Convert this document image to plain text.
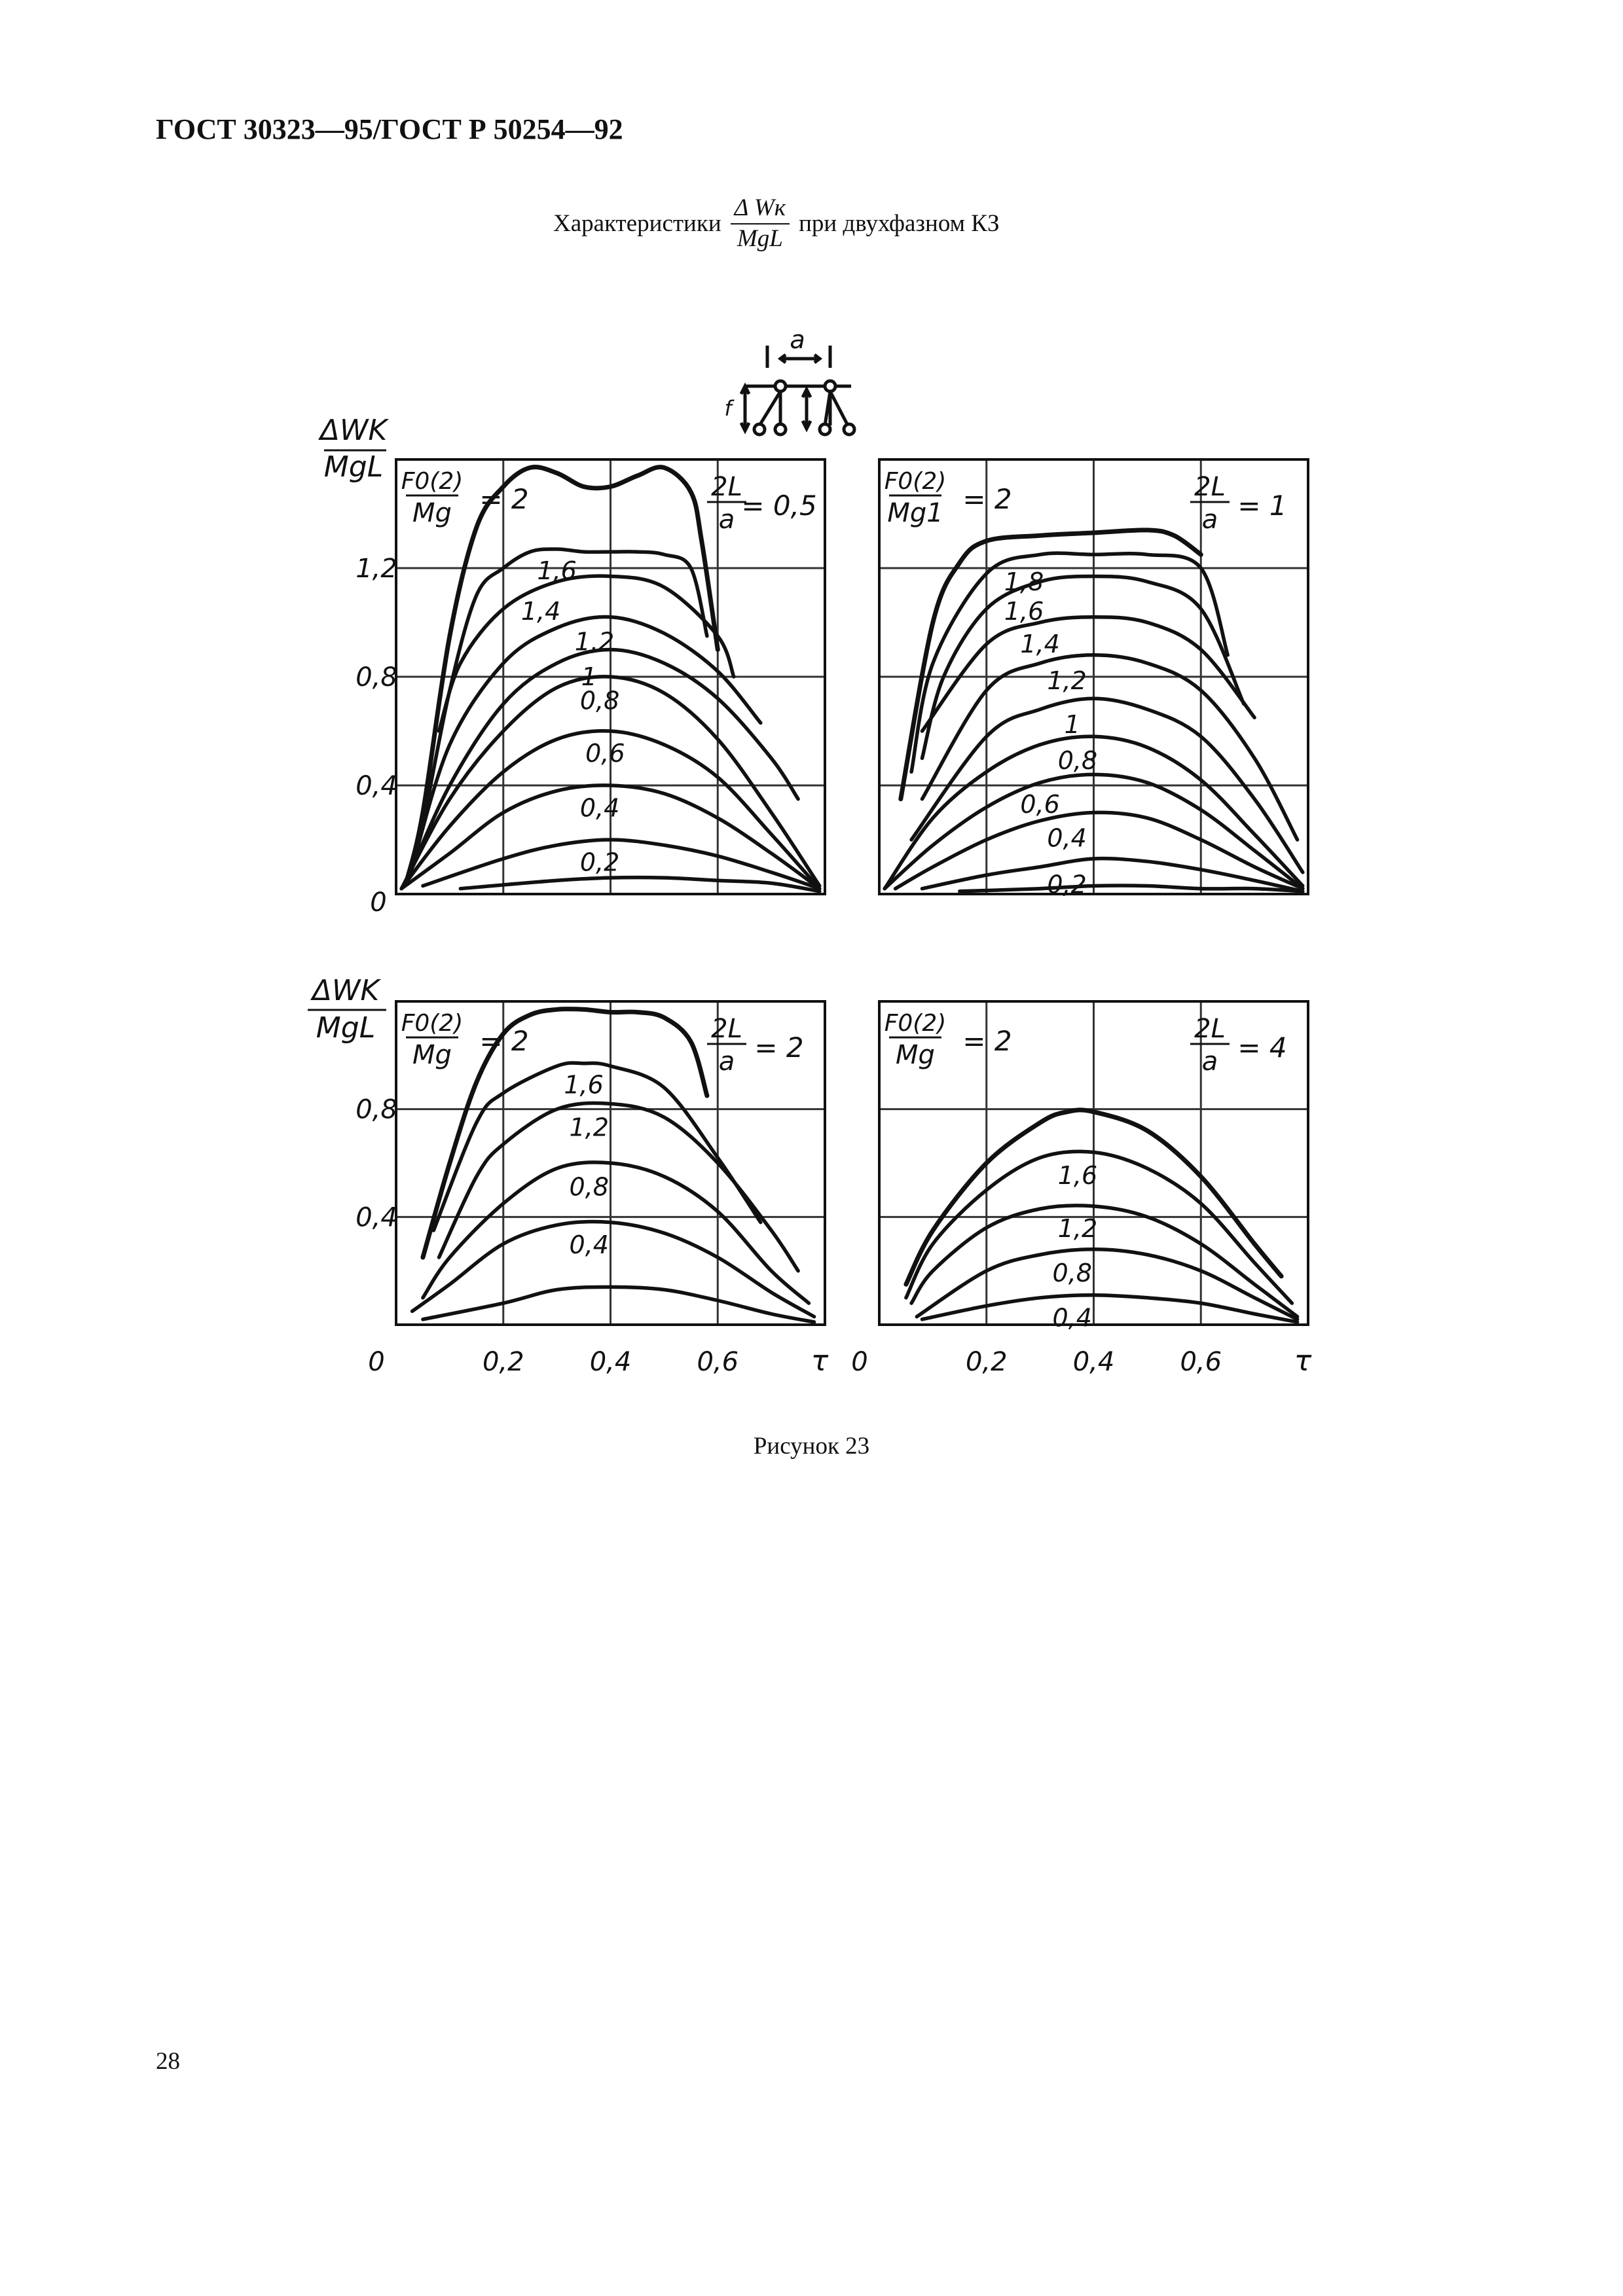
ГОСТ 30323—95/ГОСТ Р 50254—92
Характеристики $\frac{\text{Δ Wк}}{\text{MgL}}$ при двухфазном КЗ
a
f
ΔWK
MgL
ΔWK
MgL
0
1,6
1,4
1,2
1
0,8
0,6
0,4
0,2
0,4
0,8
1,2
F0(2)
Mg = 2	2L
a = 0,5
1,8
1,6
1,4
1,2
1
0,8
0,6
0,4
0,2
F0(2)
Mg1 = 2	2L
a = 1
1,6
1,2
0,8
0,4
0,4
0,8
0	0,2	0,4	0,6	τ
F0(2)
Mg = 2	2L
a = 2
1,6
1,2
0,8
0,4
0	0,2	0,4	0,6	τ
F0(2)
Mg = 2	2L
a = 4
Рисунок 23
28
